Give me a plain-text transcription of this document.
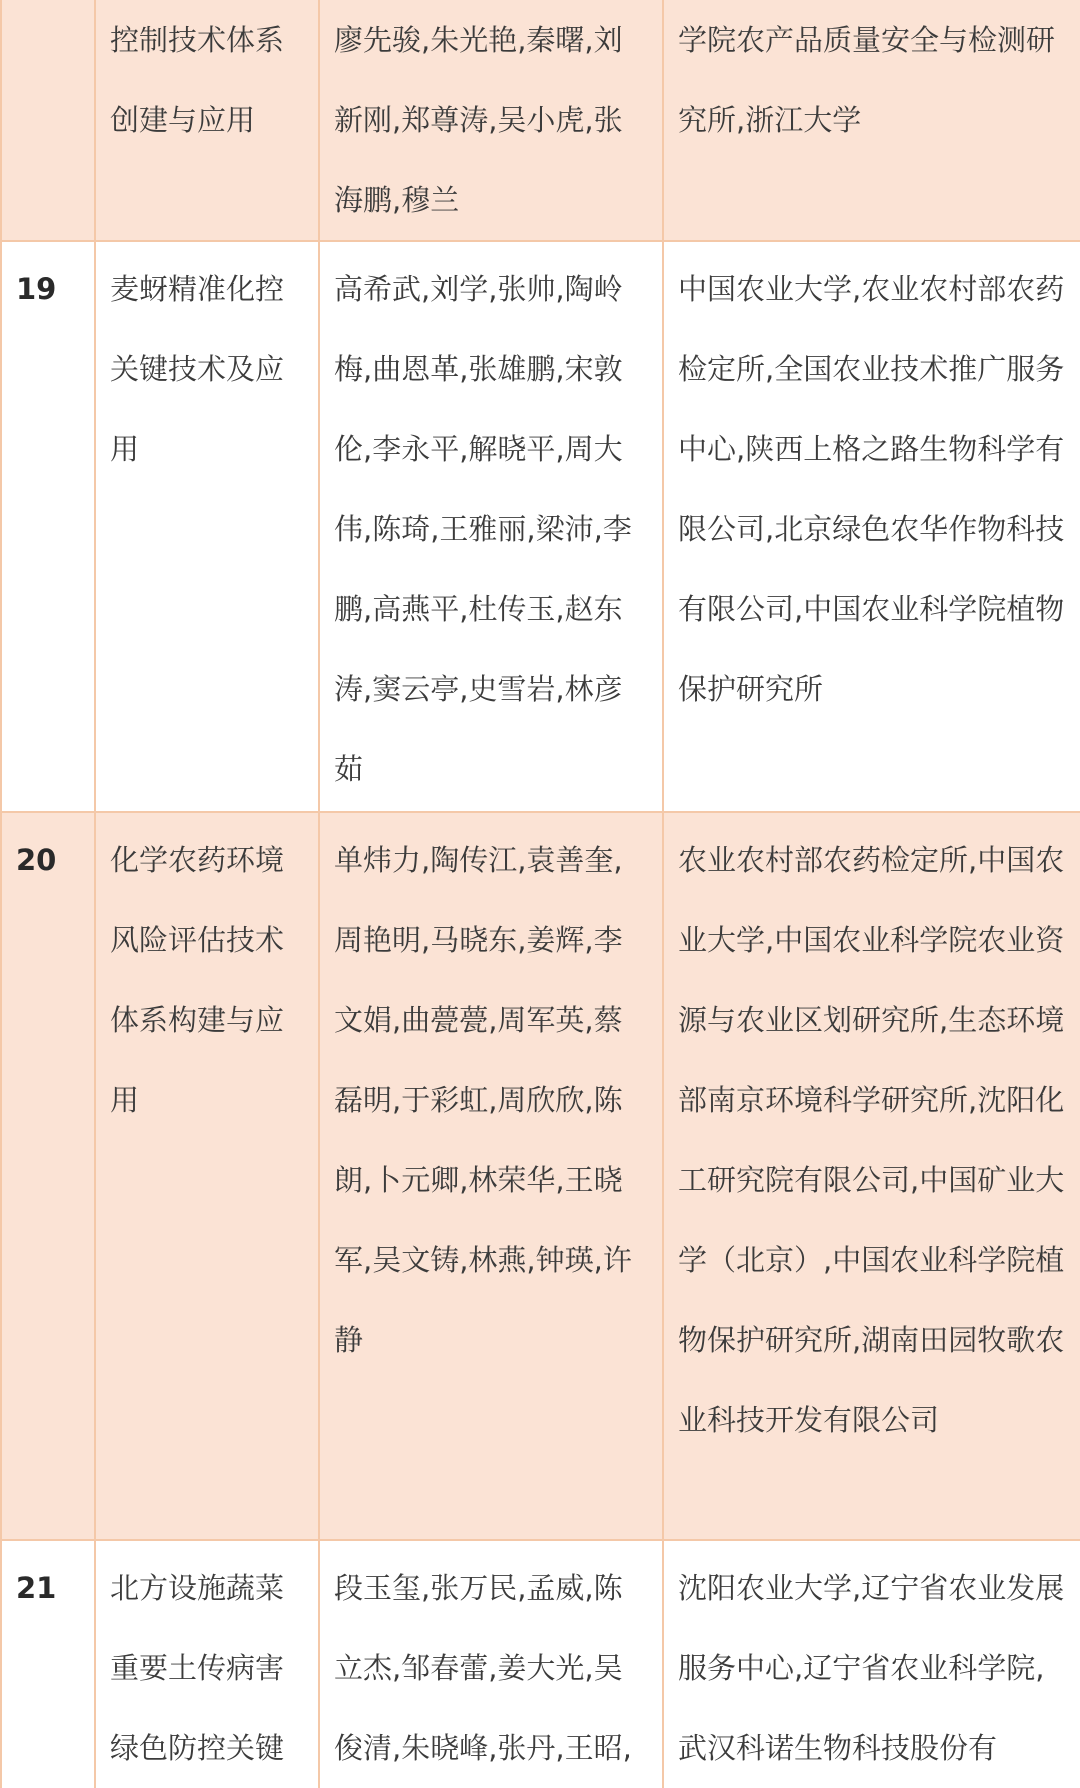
	控制技术体系创建与应用	廖先骏,朱光艳,秦曙,刘新刚,郑尊涛,吴小虎,张海鹏,穆兰	学院农产品质量安全与检测研究所,浙江大学
19	麦蚜精准化控关键技术及应用	高希武,刘学,张帅,陶岭梅,曲恩革,张雄鹏,宋敦伦,李永平,解晓平,周大伟,陈琦,王雅丽,梁沛,李鹏,高燕平,杜传玉,赵东涛,窦云亭,史雪岩,林彦茹	中国农业大学,农业农村部农药检定所,全国农业技术推广服务中心,陕西上格之路生物科学有限公司,北京绿色农华作物科技有限公司,中国农业科学院植物保护研究所
20	化学农药环境风险评估技术体系构建与应用	单炜力,陶传江,袁善奎,周艳明,马晓东,姜辉,李文娟,曲甍甍,周军英,蔡磊明,于彩虹,周欣欣,陈朗,卜元卿,林荣华,王晓军,吴文铸,林燕,钟瑛,许静	农业农村部农药检定所,中国农业大学,中国农业科学院农业资源与农业区划研究所,生态环境部南京环境科学研究所,沈阳化工研究院有限公司,中国矿业大学（北京）,中国农业科学院植物保护研究所,湖南田园牧歌农业科技开发有限公司
21	北方设施蔬菜重要土传病害绿色防控关键	段玉玺,张万民,孟威,陈立杰,邹春蕾,姜大光,吴俊清,朱晓峰,张丹,王昭,	沈阳农业大学,辽宁省农业发展服务中心,辽宁省农业科学院,武汉科诺生物科技股份有
